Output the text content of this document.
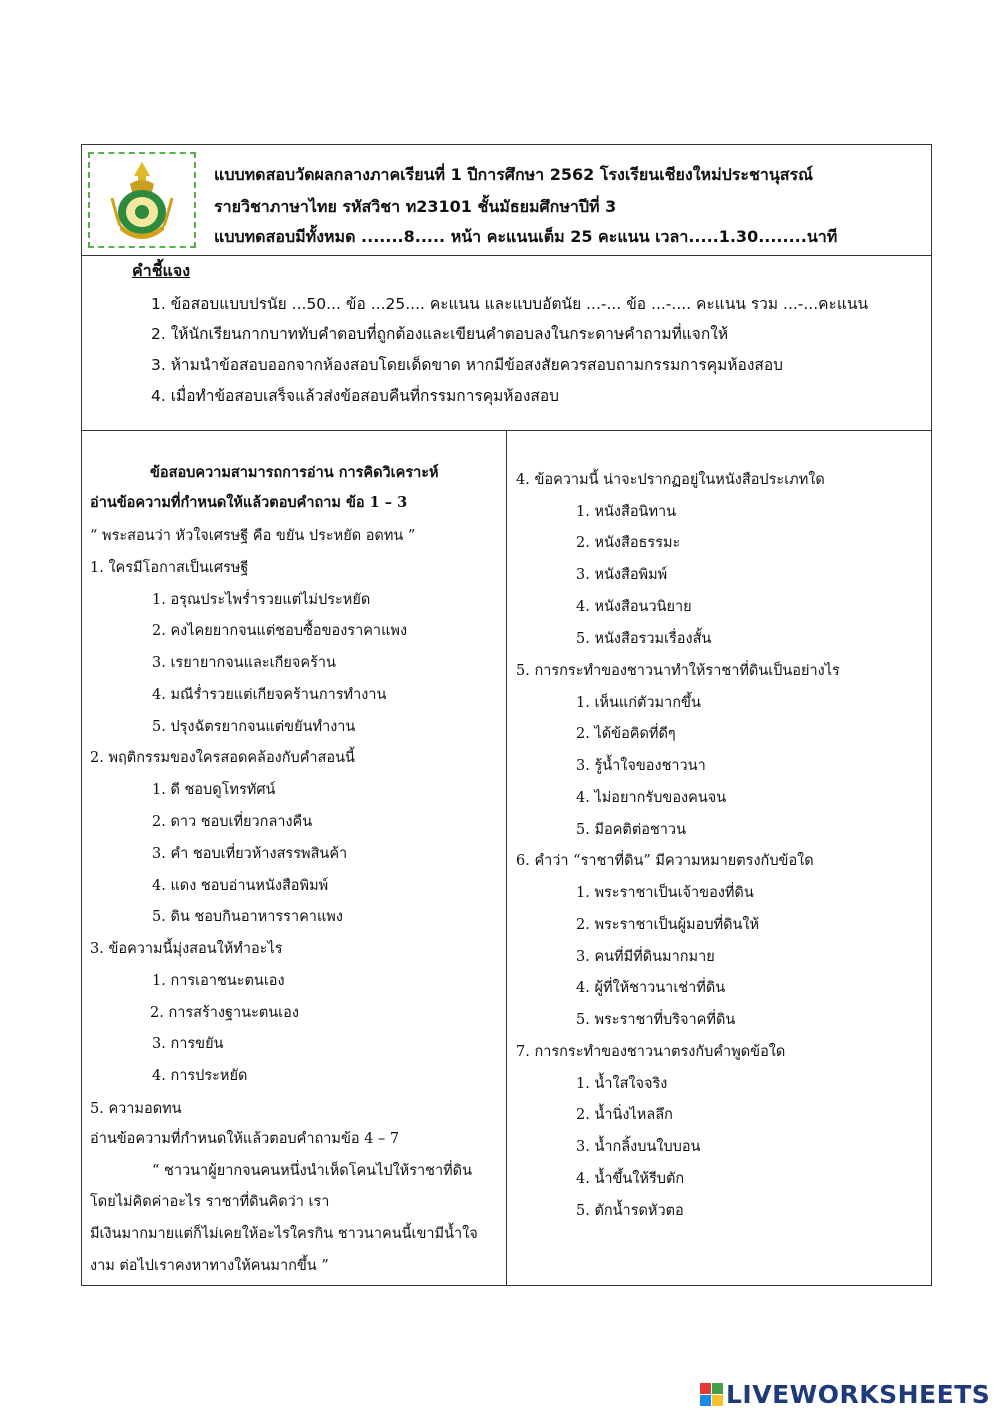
แบบทดสอบวัดผลกลางภาคเรียนที่ 1 ปีการศึกษา 2562 โรงเรียนเชียงใหม่ประชานุสรณ์
รายวิชาภาษาไทย รหัสวิชา ท23101 ชั้นมัธยมศึกษาปีที่ 3
แบบทดสอบมีทั้งหมด .......8..... หน้า คะแนนเต็ม 25 คะแนน เวลา.....1.30........นาที
คำชี้แจง
1. ข้อสอบแบบปรนัย ...50... ข้อ ...25.... คะแนน และแบบอัตนัย ...-... ข้อ ...-.... คะแนน รวม ...-...คะแนน
2. ให้นักเรียนกากบาททับคำตอบที่ถูกต้องและเขียนคำตอบลงในกระดาษคำถามที่แจกให้
3. ห้ามนำข้อสอบออกจากห้องสอบโดยเด็ดขาด หากมีข้อสงสัยควรสอบถามกรรมการคุมห้องสอบ
4. เมื่อทำข้อสอบเสร็จแล้วส่งข้อสอบคืนที่กรรมการคุมห้องสอบ
ข้อสอบความสามารถการอ่าน การคิดวิเคราะห์
อ่านข้อความที่กำหนดให้แล้วตอบคำถาม ข้อ 1 – 3
“ พระสอนว่า หัวใจเศรษฐี คือ ขยัน ประหยัด อดทน ”
1. ใครมีโอกาสเป็นเศรษฐี
1. อรุณประไพร่ำรวยแต่ไม่ประหยัด
2. คงไคยยากจนแต่ชอบซื้อของราคาแพง
3. เรยายากจนและเกียจคร้าน
4. มณีร่ำรวยแต่เกียจคร้านการทำงาน
5. ปรุงฉัตรยากจนแต่ขยันทำงาน
2. พฤติกรรมของใครสอดคล้องกับคำสอนนี้
1. ดี ชอบดูโทรทัศน์
2. ดาว ชอบเที่ยวกลางคืน
3. คำ ชอบเที่ยวห้างสรรพสินค้า
4. แดง ชอบอ่านหนังสือพิมพ์
5. ดิน ชอบกินอาหารราคาแพง
3. ข้อความนี้มุ่งสอนให้ทำอะไร
1. การเอาชนะตนเอง
2. การสร้างฐานะตนเอง
3. การขยัน
4. การประหยัด
5. ความอดทน
อ่านข้อความที่กำหนดให้แล้วตอบคำถามข้อ 4 – 7
“ ชาวนาผู้ยากจนคนหนึ่งนำเห็ดโคนไปให้ราชาที่ดิน
โดยไม่คิดค่าอะไร ราชาที่ดินคิดว่า เรา
มีเงินมากมายแต่ก็ไม่เคยให้อะไรใครกิน ชาวนาคนนี้เขามีน้ำใจ
งาม ต่อไปเราคงหาทางให้คนมากขึ้น ”
4. ข้อความนี้ น่าจะปรากฏอยู่ในหนังสือประเภทใด
1. หนังสือนิทาน
2. หนังสือธรรมะ
3. หนังสือพิมพ์
4. หนังสือนวนิยาย
5. หนังสือรวมเรื่องสั้น
5. การกระทำของชาวนาทำให้ราชาที่ดินเป็นอย่างไร
1. เห็นแก่ตัวมากขึ้น
2. ได้ข้อคิดที่ดีๆ
3. รู้น้ำใจของชาวนา
4. ไม่อยากรับของคนจน
5. มีอคติต่อชาวน
6. คำว่า “ราชาที่ดิน” มีความหมายตรงกับข้อใด
1. พระราชาเป็นเจ้าของที่ดิน
2. พระราชาเป็นผู้มอบที่ดินให้
3. คนที่มีที่ดินมากมาย
4. ผู้ที่ให้ชาวนาเช่าที่ดิน
5. พระราชาที่บริจาคที่ดิน
7. การกระทำของชาวนาตรงกับคำพูดข้อใด
1. น้ำใสใจจริง
2. น้ำนิ่งไหลลึก
3. น้ำกลิ้งบนใบบอน
4. น้ำขึ้นให้รีบตัก
5. ตักน้ำรดหัวตอ
LIVEWORKSHEETS
